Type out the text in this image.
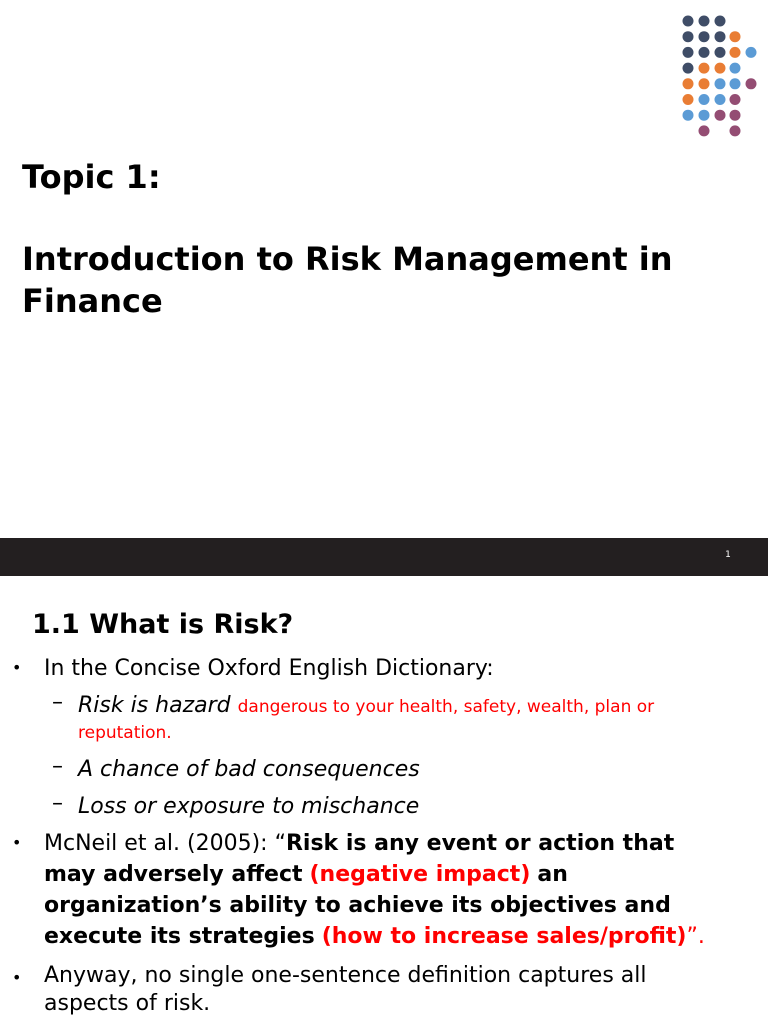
Topic 1:
Introduction to Risk Management in Finance
1
1.1 What is Risk?
• In the Concise Oxford English Dictionary:
– Risk is hazard dangerous to your health, safety, wealth, plan or
reputation.
– A chance of bad consequences
– Loss or exposure to mischance
• McNeil et al. (2005): “Risk is any event or action that
may adversely affect (negative impact) an
organization’s ability to achieve its objectives and
execute its strategies (how to increase sales/profit)”.
• Anyway, no single one-sentence definition captures all
aspects of risk.
